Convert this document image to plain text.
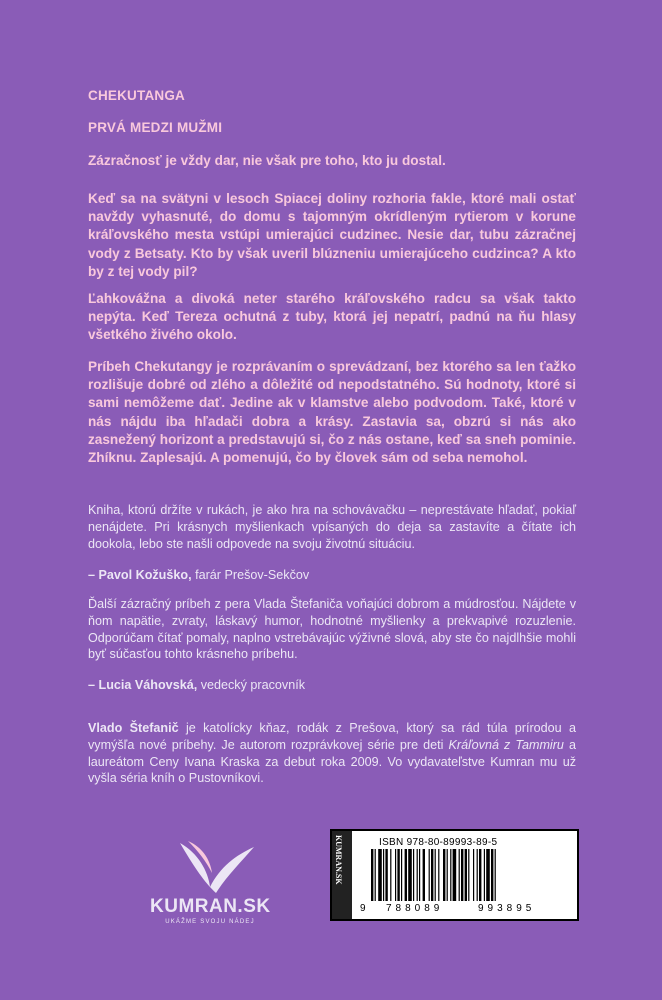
CHEKUTANGA
PRVÁ MEDZI MUŽMI
Zázračnosť je vždy dar, nie však pre toho, kto ju dostal.
Keď sa na svätyni v lesoch Spiacej doliny rozhoria fakle, ktoré mali ostať navždy vyhasnuté, do domu s tajomným okrídleným rytierom v korune kráľovského mesta vstúpi umierajúci cudzinec. Nesie dar, tubu zázračnej vody z Betsaty. Kto by však uveril blúzneniu umierajúceho cudzinca? A kto by z tej vody pil?
Ľahkovážna a divoká neter starého kráľovského radcu sa však takto nepýta. Keď Tereza ochutná z tuby, ktorá jej nepatrí, padnú na ňu hlasy všetkého živého okolo.
Príbeh Chekutangy je rozprávaním o sprevádzaní, bez ktorého sa len ťažko rozlišuje dobré od zlého a dôležité od nepodstatného. Sú hodnoty, ktoré si sami nemôžeme dať. Jedine ak v klamstve alebo podvodom. Také, ktoré v nás nájdu iba hľadači dobra a krásy. Zastavia sa, obzrú si nás ako zasnežený horizont a predstavujú si, čo z nás ostane, keď sa sneh pominie. Zhíknu. Zaplesajú. A pomenujú, čo by človek sám od seba nemohol.
Kniha, ktorú držíte v rukách, je ako hra na schovávačku – neprestávate hľadať, pokiaľ nenájdete. Pri krásnych myšlienkach vpísaných do deja sa zastavíte a čítate ich dookola, lebo ste našli odpovede na svoju životnú situáciu.
– Pavol Kožuško, farár Prešov-Sekčov
Ďalší zázračný príbeh z pera Vlada Štefaniča voňajúci dobrom a múdrosťou. Nájdete v ňom napätie, zvraty, láskavý humor, hodnotné myšlienky a prekvapivé rozuzlenie. Odporúčam čítať pomaly, naplno vstrebávajúc výživné slová, aby ste čo najdlhšie mohli byť súčasťou tohto krásneho príbehu.
– Lucia Váhovská, vedecký pracovník
Vlado Štefanič je katolícky kňaz, rodák z Prešova, ktorý sa rád túla prírodou a vymýšľa nové príbehy. Je autorom rozprávkovej série pre deti Kráľovná z Tammiru a laureátom Ceny Ivana Kraska za debut roka 2009. Vo vydavateľstve Kumran mu už vyšla séria kníh o Pustovníkovi.
KUMRAN.SK
UKÁŽME SVOJU NÁDEJ
KUMRAN.SK	ISBN 978-80-89993-89-5
9 788089	993895
